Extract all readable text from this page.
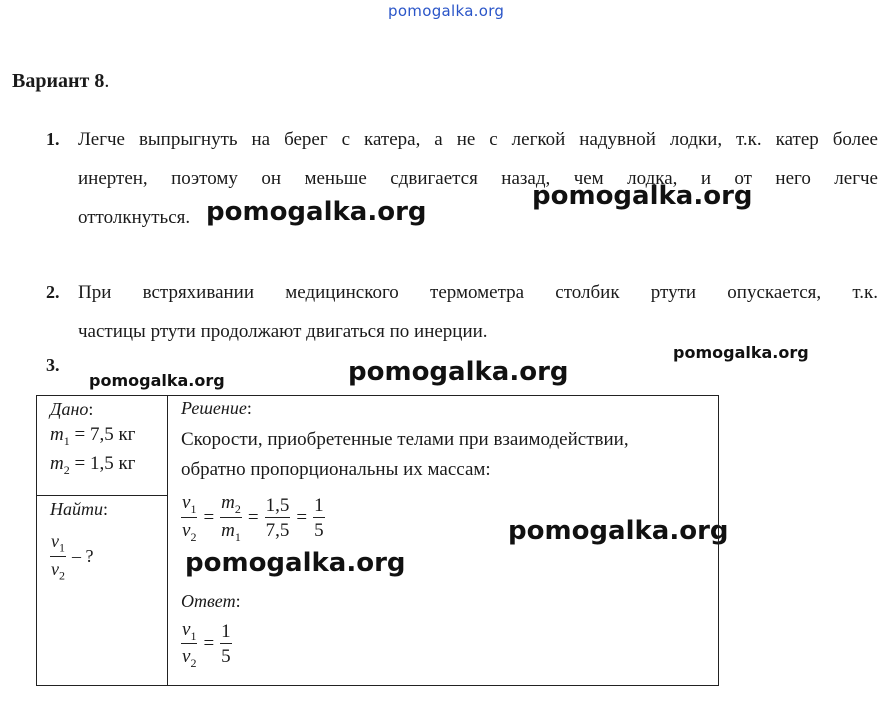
pomogalka.org
pomogalka.org
pomogalka.org
pomogalka.org
pomogalka.org	pomogalka.org
pomogalka.org
pomogalka.org
Вариант 8.
1. Легче выпрыгнуть на берег с катера, а не с легкой надувной лодки, т.к. катер более
инертен, поэтому он меньше сдвигается назад, чем лодка, и от него легче
оттолкнуться.
2. При встряхивании медицинского термометра столбик ртути опускается, т.к.
частицы ртути продолжают двигаться по инерции.
3.
Дано:
$m_1 = 7,5$ кг
$m_2 = 1,5$ кг

Решение:
Скорости, приобретенные телами при взаимодействии,
обратно пропорциональны их массам:
$\frac{v_1}{v_2} = \frac{m_2}{m_1} = \frac{1,5}{7,5} = \frac{1}{5}$
Ответ:
$\frac{v_1}{v_2} = \frac{1}{5}$

Найти:
$\frac{v_1}{v_2}$ – ?
